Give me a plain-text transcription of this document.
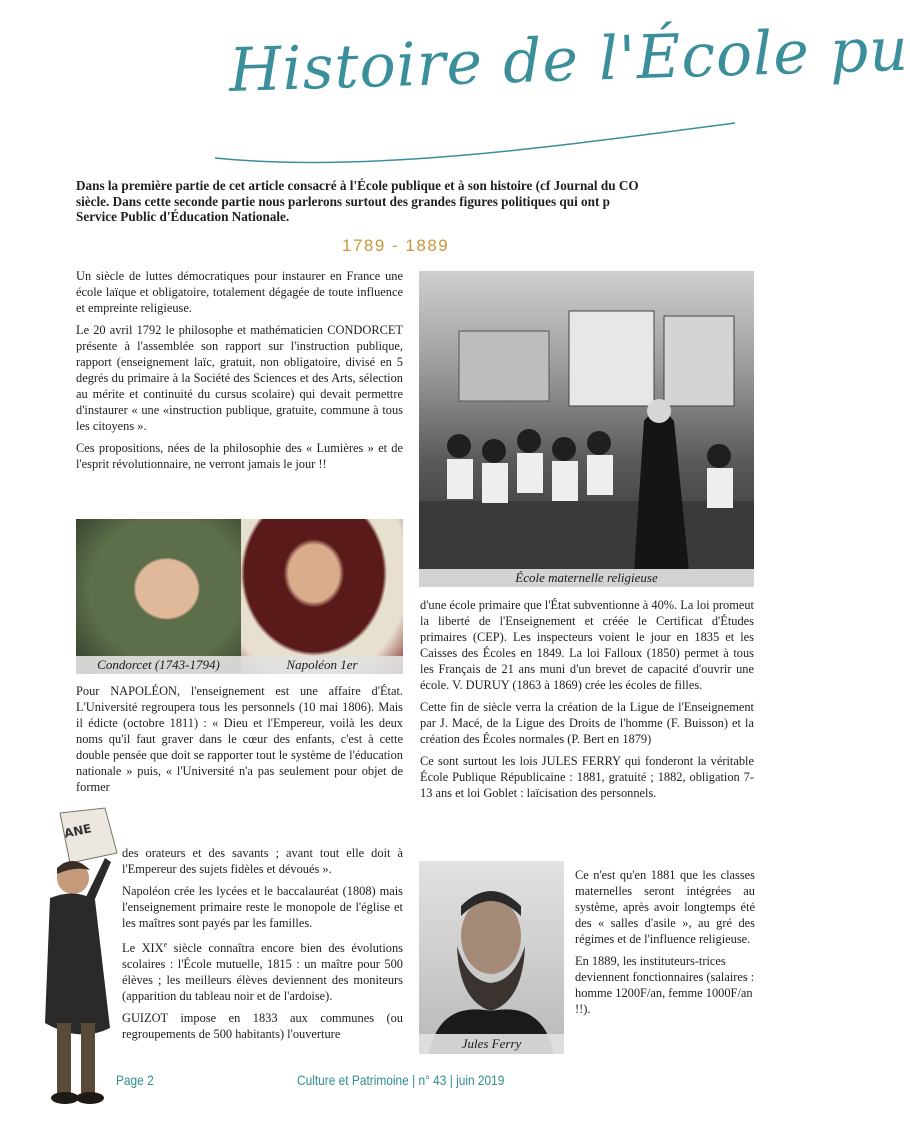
Histoire de l'École pu
Dans la première partie de cet article consacré à l'École publique et à son histoire (cf Journal du CO
siècle. Dans cette seconde partie nous parlerons surtout des grandes figures politiques qui ont p
Service Public d'Éducation Nationale.
1789 - 1889

Un siècle de luttes démocratiques pour instaurer en France une école laïque et obligatoire, totalement dégagée de toute influence et empreinte religieuse.

Le 20 avril 1792 le philosophe et mathématicien CONDORCET présente à l'assemblée son rapport sur l'instruction publique, rapport (enseignement laïc, gratuit, non obligatoire, divisé en 5 degrés du primaire à la Société des Sciences et des Arts, sélection au mérite et continuité du cursus scolaire) qui devait permettre d'instaurer « une «instruction publique, gratuite, commune à tous les citoyens ».

Ces propositions, nées de la philosophie des « Lumières » et de l'esprit révolutionnaire, ne verront jamais le jour !!

Condorcet (1743-1794)	Napoléon 1er

Pour NAPOLÉON, l'enseignement est une affaire d'État. L'Université regroupera tous les personnels (10 mai 1806). Mais il édicte (octobre 1811) : « Dieu et l'Empereur, voilà les deux noms qu'il faut graver dans le cœur des enfants, c'est à cette double pensée que doit se rapporter tout le système de l'éducation nationale » puis, « l'Université n'a pas seulement pour objet de former

ANE

des orateurs et des savants ; avant tout elle doit à l'Empereur des sujets fidèles et dévoués ».

Napoléon crée les lycées et le baccalauréat (1808) mais l'enseignement primaire reste le monopole de l'église et les maîtres sont payés par les familles.

Le XIXe siècle connaîtra encore bien des évolutions scolaires : l'École mutuelle, 1815 : un maître pour 500 élèves ; les meilleurs élèves deviennent des moniteurs (apparition du tableau noir et de l'ardoise).

GUIZOT impose en 1833 aux communes (ou regroupements de 500 habitants) l'ouverture

École maternelle religieuse

d'une école primaire que l'État subventionne à 40%. La loi promeut la liberté de l'Enseignement et créée le Certificat d'Études primaires (CEP). Les inspecteurs voient le jour en 1835 et les Caisses des Écoles en 1849. La loi Falloux (1850) permet à tous les Français de 21 ans muni d'un brevet de capacité d'ouvrir une école. V. DURUY (1863 à 1869) crée les écoles de filles.

Cette fin de siècle verra la création de la Ligue de l'Enseignement par J. Macé, de la Ligue des Droits de l'homme (F. Buisson) et la création des Écoles normales (P. Bert en 1879)

Ce sont surtout les lois JULES FERRY qui fonderont la véritable École Publique Républicaine : 1881, gratuité ; 1882, obligation 7-13 ans et loi Goblet : laïcisation des personnels.

Jules Ferry

Ce n'est qu'en 1881 que les classes maternelles seront intégrées au système, après avoir longtemps été des « salles d'asile », au gré des régimes et de l'influence religieuse.

En 1889, les instituteurs-trices deviennent fonctionnaires (salaires : homme 1200F/an, femme 1000F/an !!).

Page 2	Culture et Patrimoine | n° 43 | juin 2019
